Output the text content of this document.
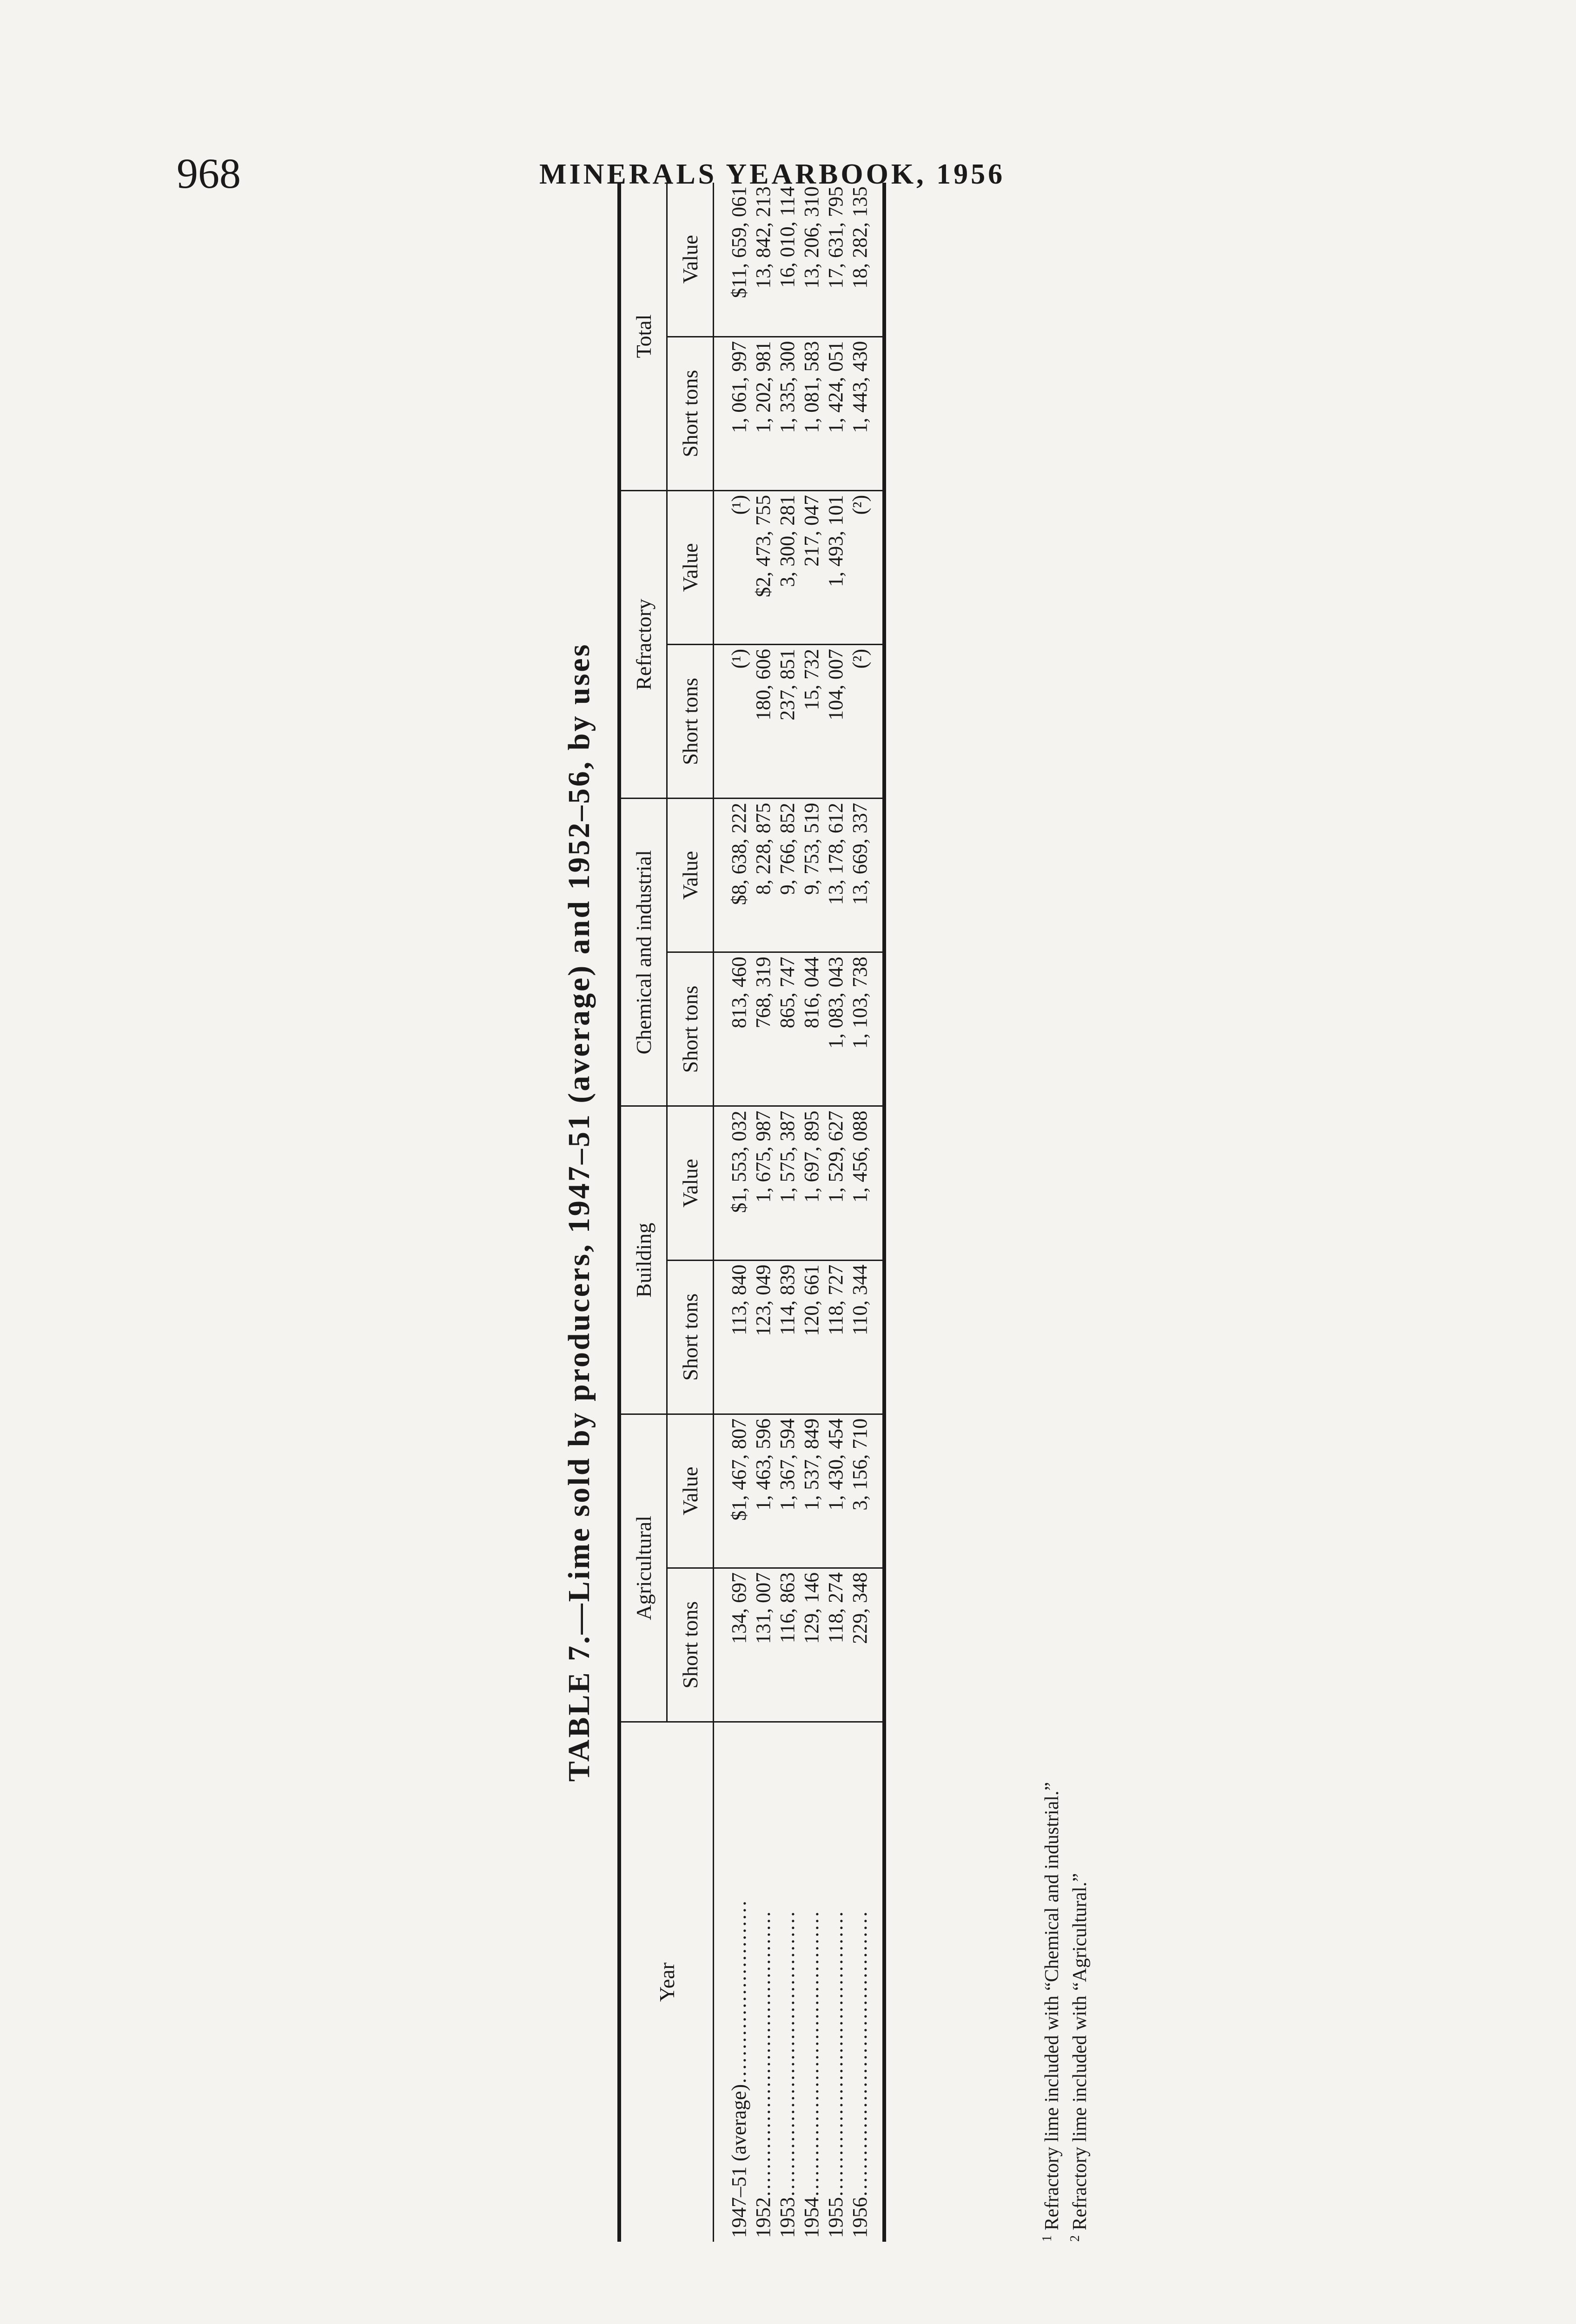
968	MINERALS YEARBOOK, 1956
TABLE 7.—Lime sold by producers, 1947–51 (average) and 1952–56, by uses
Year	Agricultural		Building		Chemical and industrial		Refractory		Total	
	Short tons	Value	Short tons	Value	Short tons	Value	Short tons	Value	Short tons	Value
1947–51 (average)………………………	134, 697	$1, 467, 807	113, 840	$1, 553, 032	813, 460	$8, 638, 222	(¹)	(¹)	1, 061, 997	$11, 659, 061
1952……………………………………	131, 007	1, 463, 596	123, 049	1, 675, 987	768, 319	8, 228, 875	180, 606	$2, 473, 755	1, 202, 981	13, 842, 213
1953……………………………………	116, 863	1, 367, 594	114, 839	1, 575, 387	865, 747	9, 766, 852	237, 851	3, 300, 281	1, 335, 300	16, 010, 114
1954……………………………………	129, 146	1, 537, 849	120, 661	1, 697, 895	816, 044	9, 753, 519	15, 732	217, 047	1, 081, 583	13, 206, 310
1955……………………………………	118, 274	1, 430, 454	118, 727	1, 529, 627	1, 083, 043	13, 178, 612	104, 007	1, 493, 101	1, 424, 051	17, 631, 795
1956……………………………………	229, 348	3, 156, 710	110, 344	1, 456, 088	1, 103, 738	13, 669, 337	(²)	(²)	1, 443, 430	18, 282, 135

$^1$ Refractory lime included with “Chemical and industrial.”

$^2$ Refractory lime included with “Agricultural.”
